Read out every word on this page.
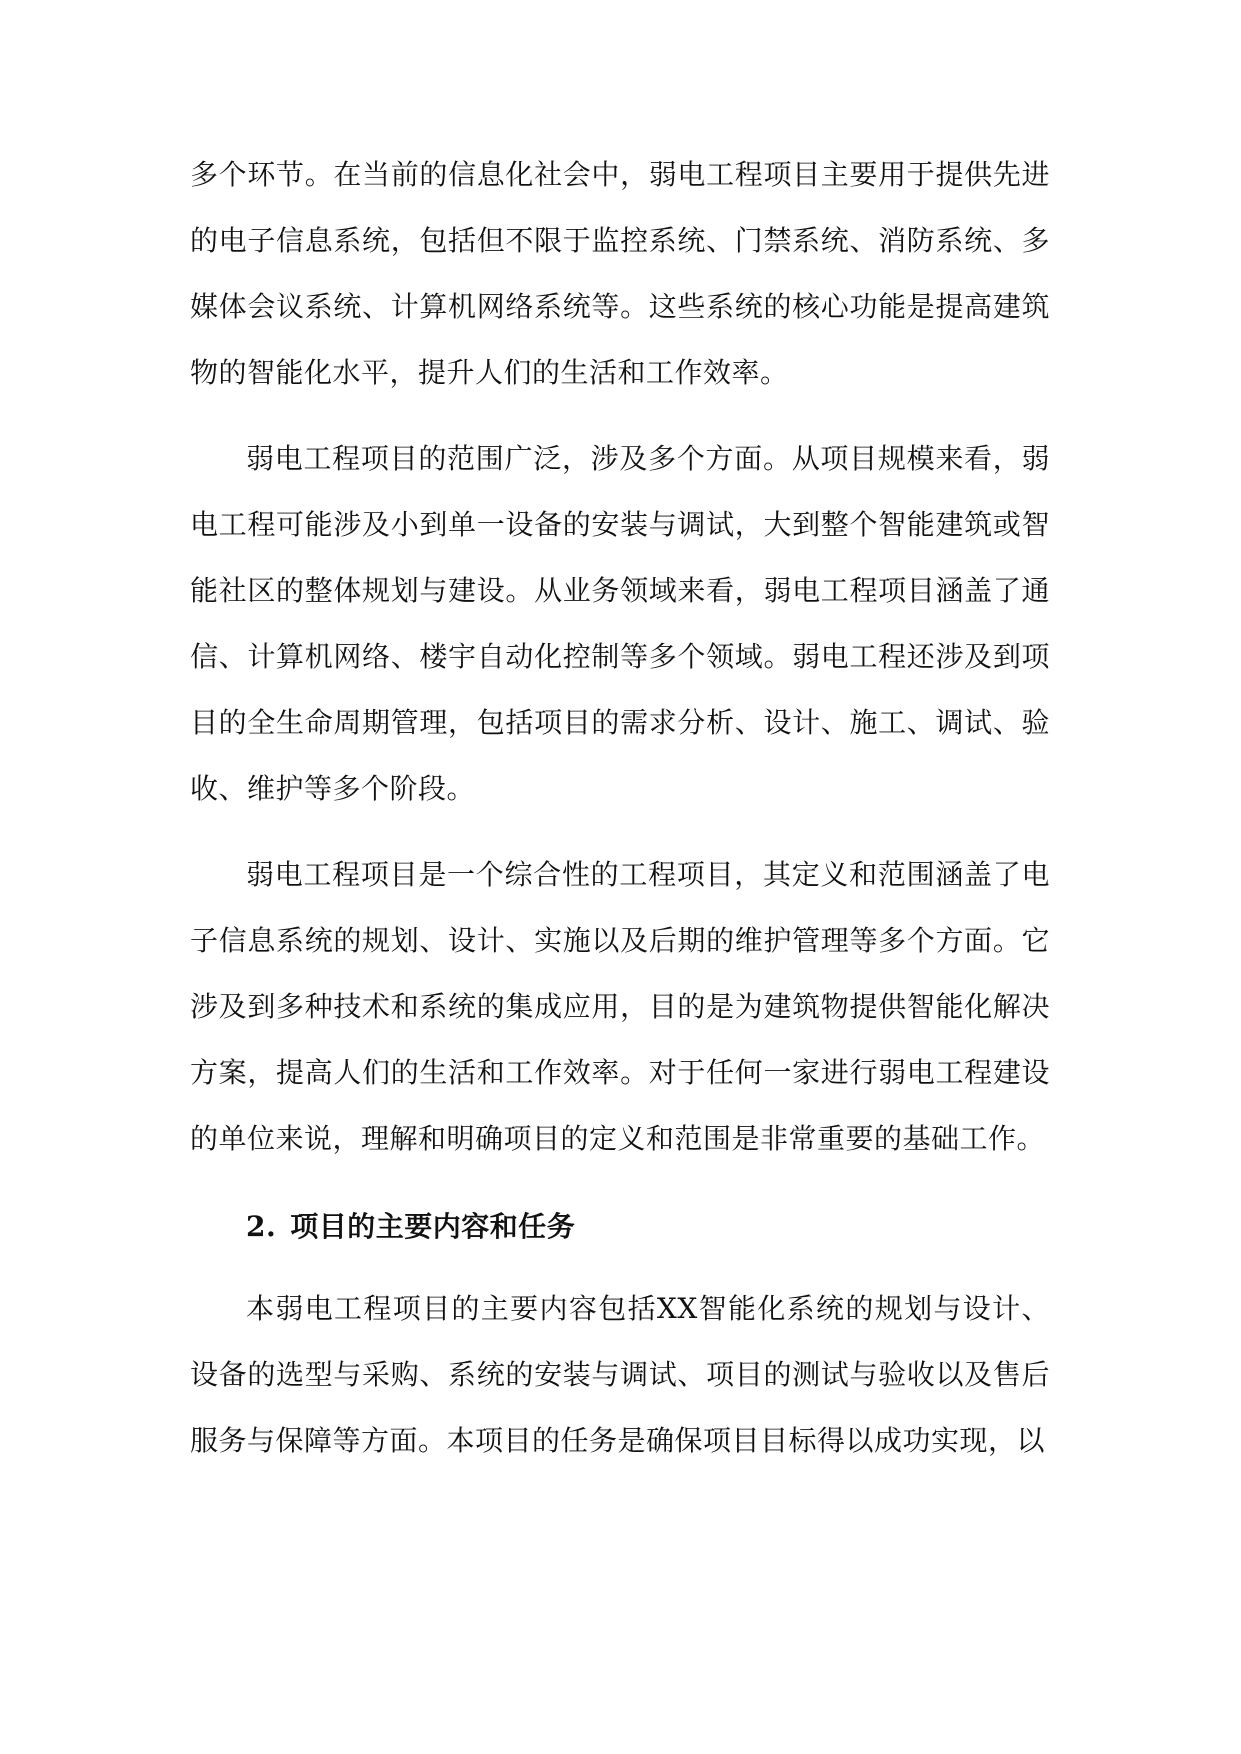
多个环节。在当前的信息化社会中，弱电工程项目主要用于提供先进的电子信息系统，包括但不限于监控系统、门禁系统、消防系统、多媒体会议系统、计算机网络系统等。这些系统的核心功能是提高建筑物的智能化水平，提升人们的生活和工作效率。

弱电工程项目的范围广泛，涉及多个方面。从项目规模来看，弱电工程可能涉及小到单一设备的安装与调试，大到整个智能建筑或智能社区的整体规划与建设。从业务领域来看，弱电工程项目涵盖了通信、计算机网络、楼宇自动化控制等多个领域。弱电工程还涉及到项目的全生命周期管理，包括项目的需求分析、设计、施工、调试、验收、维护等多个阶段。

弱电工程项目是一个综合性的工程项目，其定义和范围涵盖了电子信息系统的规划、设计、实施以及后期的维护管理等多个方面。它涉及到多种技术和系统的集成应用，目的是为建筑物提供智能化解决方案，提高人们的生活和工作效率。对于任何一家进行弱电工程建设的单位来说，理解和明确项目的定义和范围是非常重要的基础工作。

2. 项目的主要内容和任务

本弱电工程项目的主要内容包括XX智能化系统的规划与设计、设备的选型与采购、系统的安装与调试、项目的测试与验收以及售后服务与保障等方面。本项目的任务是确保项目目标得以成功实现，以
